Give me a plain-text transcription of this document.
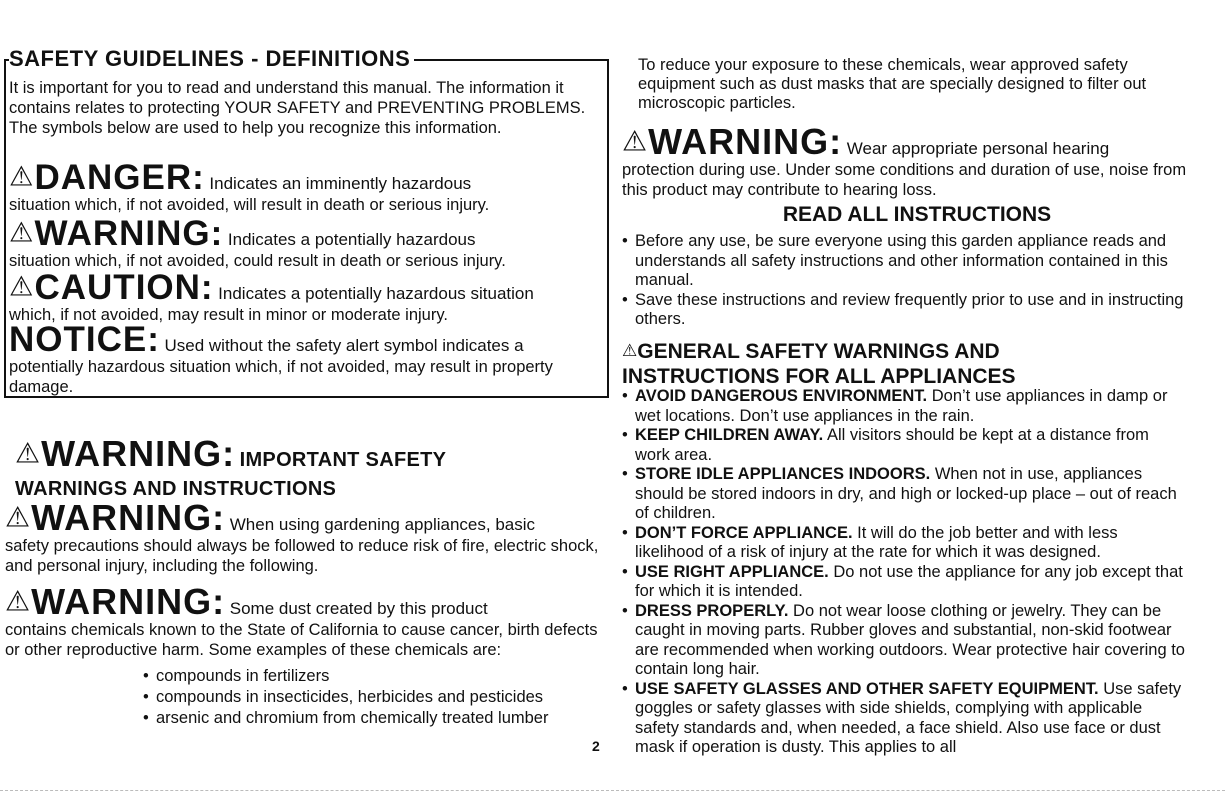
SAFETY GUIDELINES - DEFINITIONS
It is important for you to read and understand this manual. The information it contains relates to protecting YOUR SAFETY and PREVENTING PROBLEMS. The symbols below are used to help you recognize this information.
⚠DANGER: Indicates an imminently hazardous
situation which, if not avoided, will result in death or serious injury.
⚠WARNING: Indicates a potentially hazardous
situation which, if not avoided, could result in death or serious injury.
⚠CAUTION: Indicates a potentially hazardous situation
which, if not avoided, may result in minor or moderate injury.
NOTICE: Used without the safety alert symbol indicates a
potentially hazardous situation which, if not avoided, may result in property damage.
⚠WARNING: IMPORTANT SAFETY

WARNINGS AND INSTRUCTIONS
⚠WARNING: When using gardening appliances, basic
safety precautions should always be followed to reduce risk of fire, electric shock, and personal injury, including the following.
⚠WARNING: Some dust created by this product
contains chemicals known to the State of California to cause cancer, birth defects or other reproductive harm. Some examples of these chemicals are:
• compounds in fertilizers
• compounds in insecticides, herbicides and pesticides
• arsenic and chromium from chemically treated lumber
2
To reduce your exposure to these chemicals, wear approved safety equipment such as dust masks that are specially designed to filter out microscopic particles.
⚠WARNING: Wear appropriate personal hearing
protection during use. Under some conditions and duration of use, noise from this product may contribute to hearing loss.
READ ALL INSTRUCTIONS
• Before any use, be sure everyone using this garden appliance reads and understands all safety instructions and other information contained in this manual.
• Save these instructions and review frequently prior to use and in instructing others.
⚠GENERAL SAFETY WARNINGS AND
INSTRUCTIONS FOR ALL APPLIANCES
• AVOID DANGEROUS ENVIRONMENT. Don’t use appliances in damp or wet locations. Don’t use appliances in the rain.
• KEEP CHILDREN AWAY. All visitors should be kept at a distance from work area.
• STORE IDLE APPLIANCES INDOORS. When not in use, appliances should be stored indoors in dry, and high or locked-up place – out of reach of children.
• DON’T FORCE APPLIANCE. It will do the job better and with less likelihood of a risk of injury at the rate for which it was designed.
• USE RIGHT APPLIANCE. Do not use the appliance for any job except that for which it is intended.
• DRESS PROPERLY. Do not wear loose clothing or jewelry. They can be caught in moving parts. Rubber gloves and substantial, non-skid footwear are recommended when working outdoors. Wear protective hair covering to contain long hair.
• USE SAFETY GLASSES AND OTHER SAFETY EQUIPMENT. Use safety goggles or safety glasses with side shields, complying with applicable safety standards and, when needed, a face shield. Also use face or dust mask if operation is dusty. This applies to all
